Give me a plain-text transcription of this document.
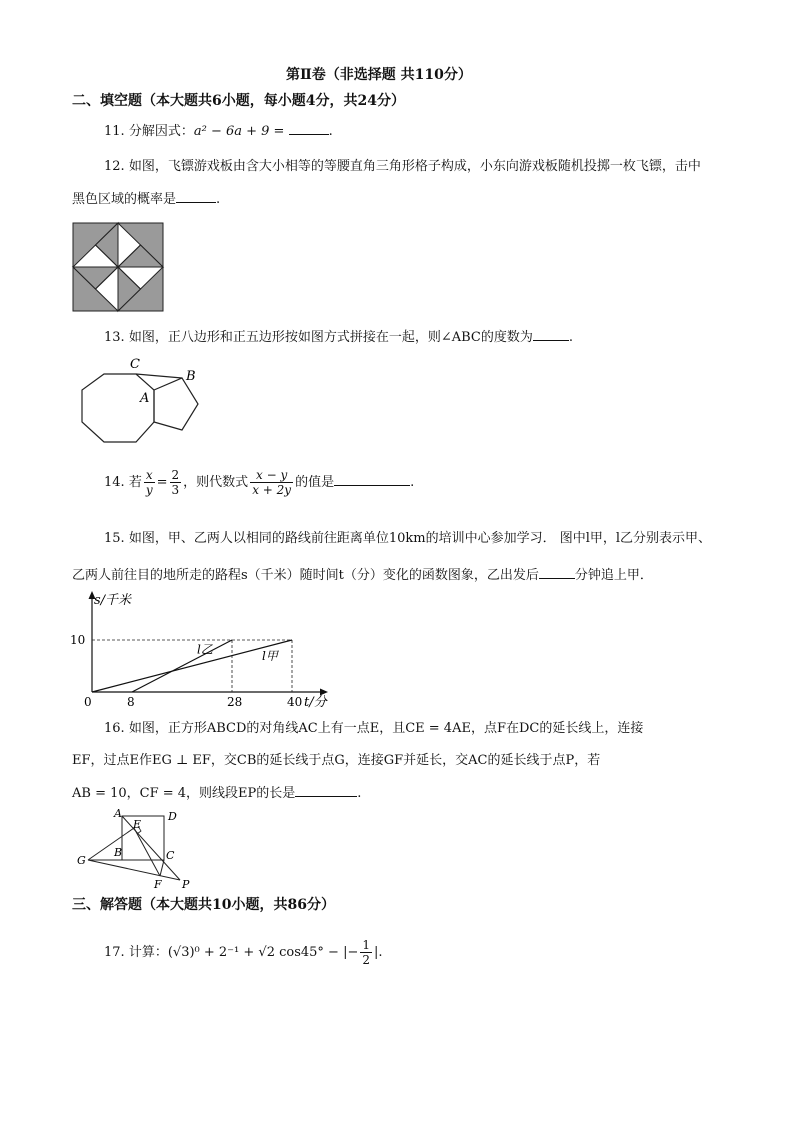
第Ⅱ卷（非选择题 共110分）
二、填空题（本大题共6小题，每小题4分，共24分）
11. 分解因式：a² − 6a + 9 =	.
12. 如图，飞镖游戏板由含大小相等的等腰直角三角形格子构成，小东向游戏板随机投掷一枚飞镖，击中
黑色区域的概率是	.
13. 如图，正八边形和正五边形按如图方式拼接在一起，则∠ABC的度数为	.
C
B
A
14. 若 $\frac{x}{y} = \frac{2}{3}$ ，则代数式 $\frac{x - y}{x + 2y}$ 的值是	.
15. 如图，甲、乙两人以相同的路线前往距离单位10km的培训中心参加学习． 图中l甲，l乙分别表示甲、
乙两人前往目的地所走的路程s（千米）随时间t（分）变化的函数图象，乙出发后	分钟追上甲．
s/千米
t/分
l乙	l甲
0	8	28	40
10
16. 如图，正方形ABCD的对角线AC上有一点E，且CE = 4AE，点F在DC的延长线上，连接
EF，过点E作EG ⊥ EF，交CB的延长线于点G，连接GF并延长，交AC的延长线于点P，若
AB = 10，CF = 4，则线段EP的长是	.
A	D
E
B	C
G
F P
三、解答题（本大题共10小题，共86分）
17. 计算：(√3)⁰ + 2⁻¹ + √2 cos45° − |− $\frac{1}{2}$ |.
